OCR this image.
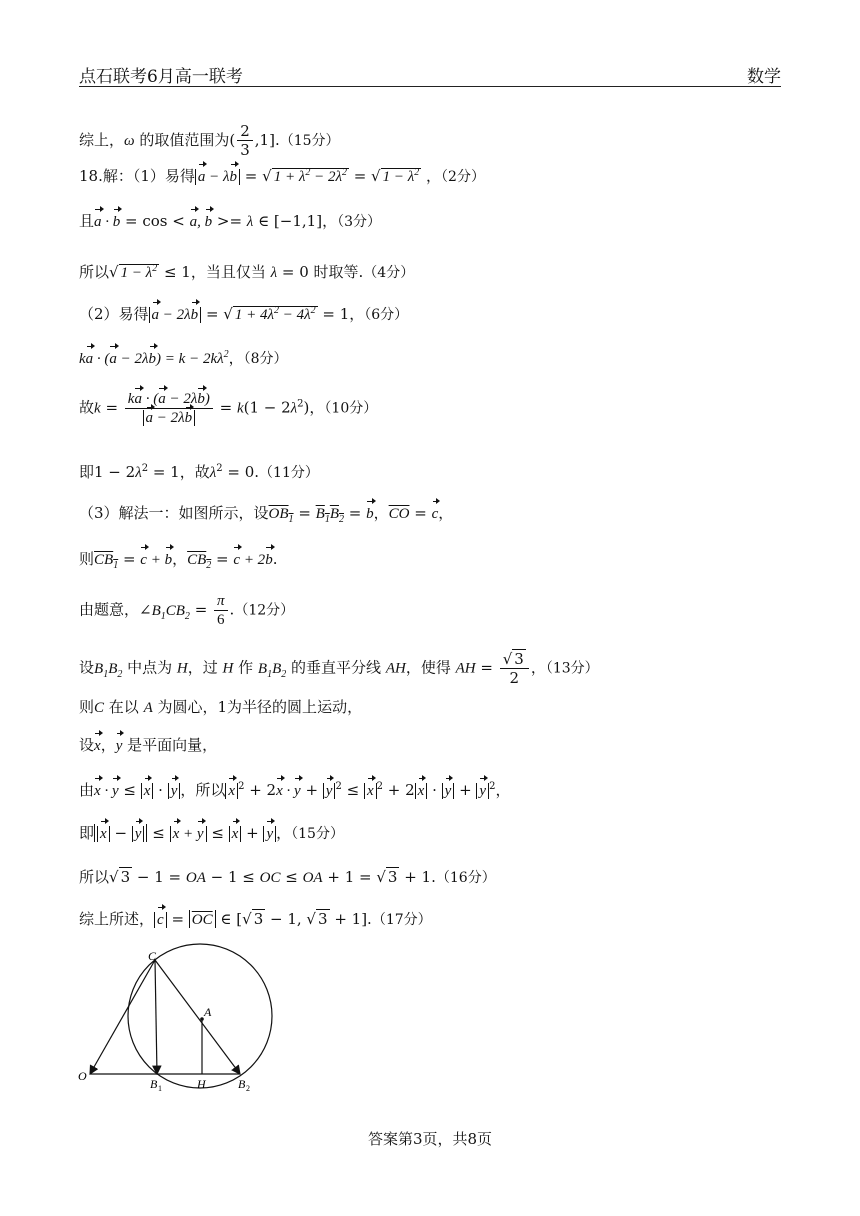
点石联考6月高一联考	数学
综上，ω 的取值范围为( $\frac{2}{3} ,1].(15$分）
18.解：（1）易得 a − λb = √ $1 + \lambda^2 - 2\lambda^2$ = √ $1 - \lambda^2$ ，（2分）
且a · b = cos < a, b >= λ ∈ [−1,1]，（3分）
所以√ $1 - \lambda^2 \le 1$，当且仅当 λ = 0 时取等.（4分）
（2）易得 a − 2λb = √ $1 + 4\lambda^2 - 4\lambda^2 = 1$，（6分）
ka · $(a - 2\lambda b) = k - 2k\lambda^2$，（8分）
故$k = \frac{ka \cdot (a - 2\lambda b)}{a - 2\lambda b} = k(1 - 2\lambda^2)$，（10分）
即$1 - 2\lambda^2 = 1$，故$\lambda^2 = 0.(11$分）
（3）解法一：如图所示，设$OB_1 = B_1B_2 = b$，$\overline{CO} = c$，
则$CB_1 = c + b$，$CB_2 = c + 2b$.
由题意，$\angle B_1CB_2 = \frac{\pi}{6} .(12$分）
设$B_1B_2$ 中点为 H，过 H 作 $B_1B_2$ 的垂直平分线 AH，使得 AH = $\frac{√ 3}{2}$ ，（13分）
则C 在以 A 为圆心，1为半径的圆上运动，
设x，y 是平面向量，
由x · y ≤ x · y ，所以 x $^2$ + 2x · y + y $^2$ ≤ x $^2$ + 2 x · y + y $^2$，
即 x − y ≤ x + y ≤ x + y ，（15分）
所以√ 3 − 1 = OA − 1 ≤ OC ≤ OA + 1 = √ 3 + 1.（16分）
综上所述， $c = \overline{OC}$ ∈ [√ 3 − 1, √ 3 + 1].（17分）
C
A
O
B 1	H	B 2
答案第3页，共8页
